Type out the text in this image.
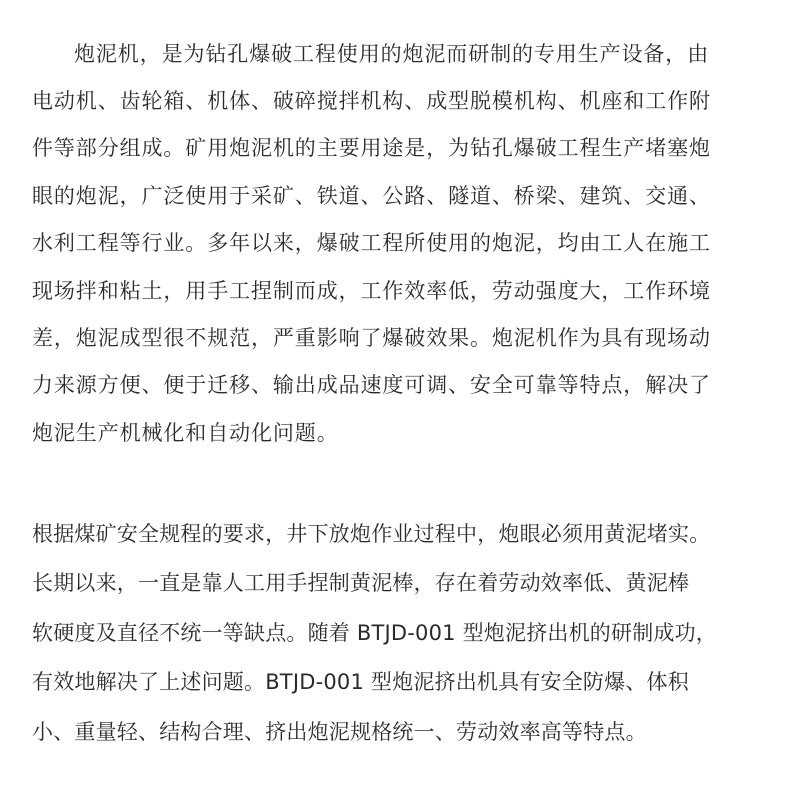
炮泥机，是为钻孔爆破工程使用的炮泥而研制的专用生产设备，由
电动机、齿轮箱、机体、破碎搅拌机构、成型脱模机构、机座和工作附
件等部分组成。矿用炮泥机的主要用途是，为钻孔爆破工程生产堵塞炮
眼的炮泥，广泛使用于采矿、铁道、公路、隧道、桥梁、建筑、交通、
水利工程等行业。多年以来，爆破工程所使用的炮泥，均由工人在施工
现场拌和粘土，用手工捏制而成，工作效率低，劳动强度大，工作环境
差，炮泥成型很不规范，严重影响了爆破效果。炮泥机作为具有现场动
力来源方便、便于迁移、输出成品速度可调、安全可靠等特点，解决了
炮泥生产机械化和自动化问题。
根据煤矿安全规程的要求，井下放炮作业过程中，炮眼必须用黄泥堵实。
长期以来，一直是靠人工用手捏制黄泥棒，存在着劳动效率低、黄泥棒
软硬度及直径不统一等缺点。随着 BTJD-001 型炮泥挤出机的研制成功，
有效地解决了上述问题。BTJD-001 型炮泥挤出机具有安全防爆、体积
小、重量轻、结构合理、挤出炮泥规格统一、劳动效率高等特点。
